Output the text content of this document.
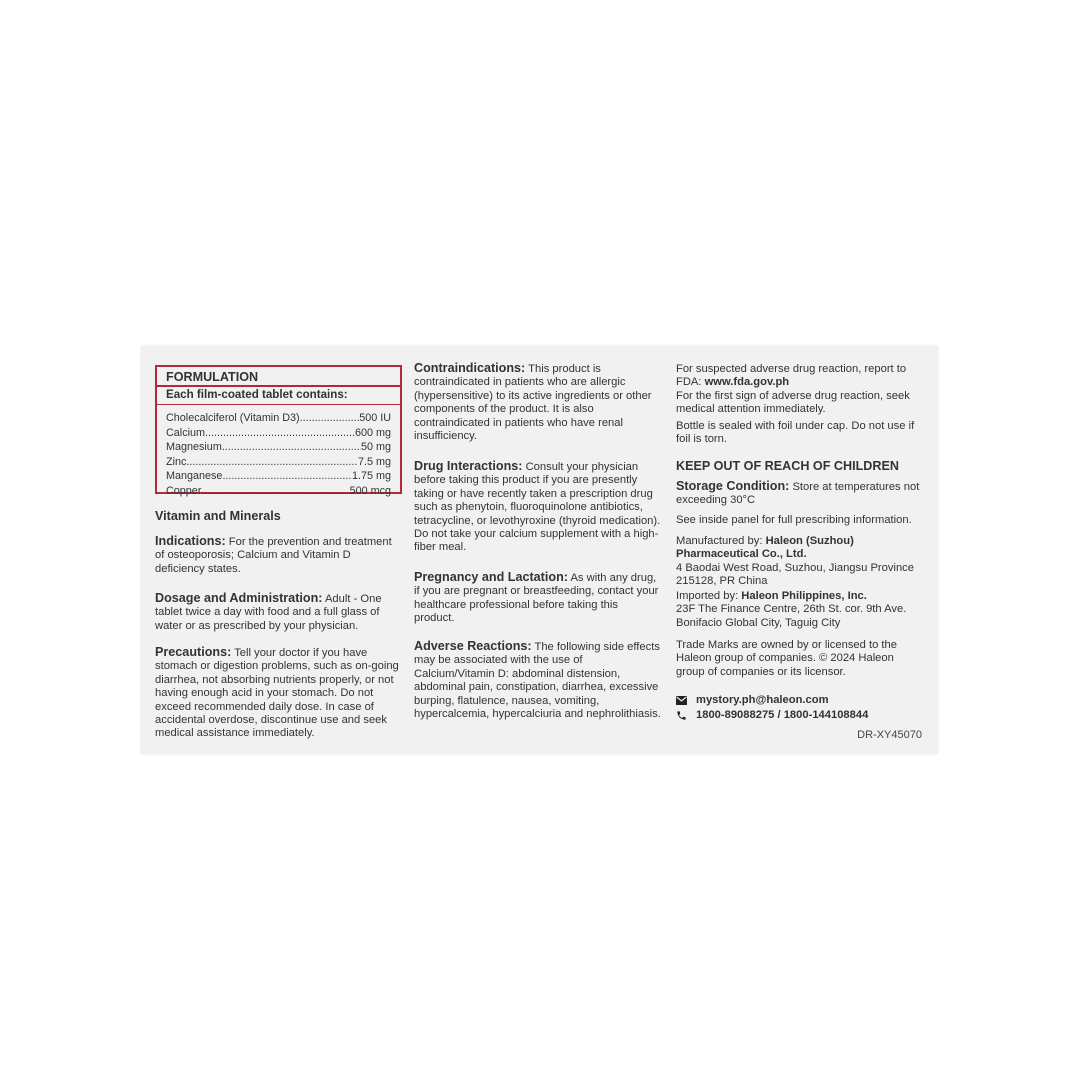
FORMULATION
Each film-coated tablet contains:
Cholecalciferol (Vitamin D3) .....	500 IU
Calcium .....	600 mg
Magnesium .....	50 mg
Zinc .....	7.5 mg
Manganese .....	1.75 mg
Copper .....	500 mcg
Vitamin and Minerals
Indications: For the prevention and treatment of osteoporosis; Calcium and Vitamin D deficiency states.
Dosage and Administration: Adult - One tablet twice a day with food and a full glass of water or as prescribed by your physician.
Precautions: Tell your doctor if you have stomach or digestion problems, such as on-going diarrhea, not absorbing nutrients properly, or not having enough acid in your stomach. Do not exceed recommended daily dose. In case of accidental overdose, discontinue use and seek medical assistance immediately.
Contraindications: This product is contraindicated in patients who are allergic (hypersensitive) to its active ingredients or other components of the product. It is also contraindicated in patients who have renal insufficiency.
Drug Interactions: Consult your physician before taking this product if you are presently taking or have recently taken a prescription drug such as phenytoin, fluoroquinolone antibiotics, tetracycline, or levothyroxine (thyroid medication). Do not take your calcium supplement with a high-fiber meal.
Pregnancy and Lactation: As with any drug, if you are pregnant or breastfeeding, contact your healthcare professional before taking this product.
Adverse Reactions: The following side effects may be associated with the use of Calcium/Vitamin D: abdominal distension, abdominal pain, constipation, diarrhea, excessive burping, flatulence, nausea, vomiting, hypercalcemia, hypercalciuria and nephrolithiasis.
For suspected adverse drug reaction, report to FDA: www.fda.gov.ph
For the first sign of adverse drug reaction, seek medical attention immediately.
Bottle is sealed with foil under cap. Do not use if foil is torn.
KEEP OUT OF REACH OF CHILDREN
Storage Condition: Store at temperatures not exceeding 30°C
See inside panel for full prescribing information.
Manufactured by: Haleon (Suzhou) Pharmaceutical Co., Ltd.
4 Baodai West Road, Suzhou, Jiangsu Province 215128, PR China
Imported by: Haleon Philippines, Inc.
23F The Finance Centre, 26th St. cor. 9th Ave. Bonifacio Global City, Taguig City
Trade Marks are owned by or licensed to the Haleon group of companies. © 2024 Haleon group of companies or its licensor.
mystory.ph@haleon.com
1800-89088275 / 1800-144108844
DR-XY45070
